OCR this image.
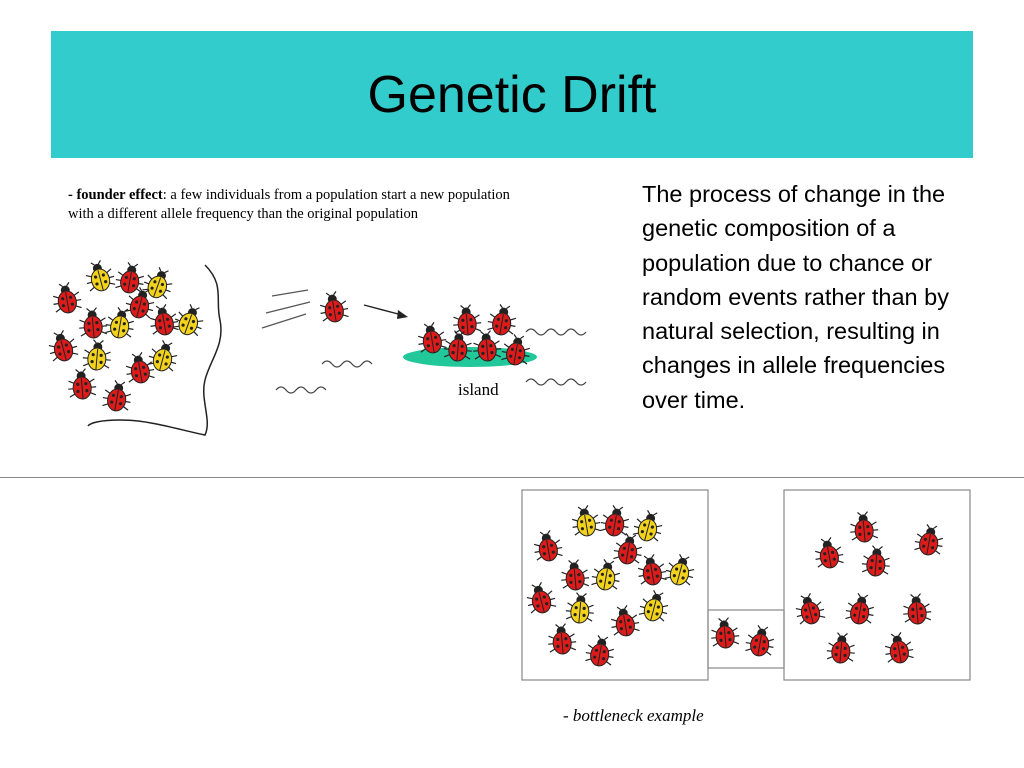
Genetic Drift
- founder effect: a few individuals from a population start a new population
with a different allele frequency than the original population
The process of change in the genetic composition of a population due to chance or random events rather than by natural selection, resulting in changes in allele frequencies over time.
island
- bottleneck example
